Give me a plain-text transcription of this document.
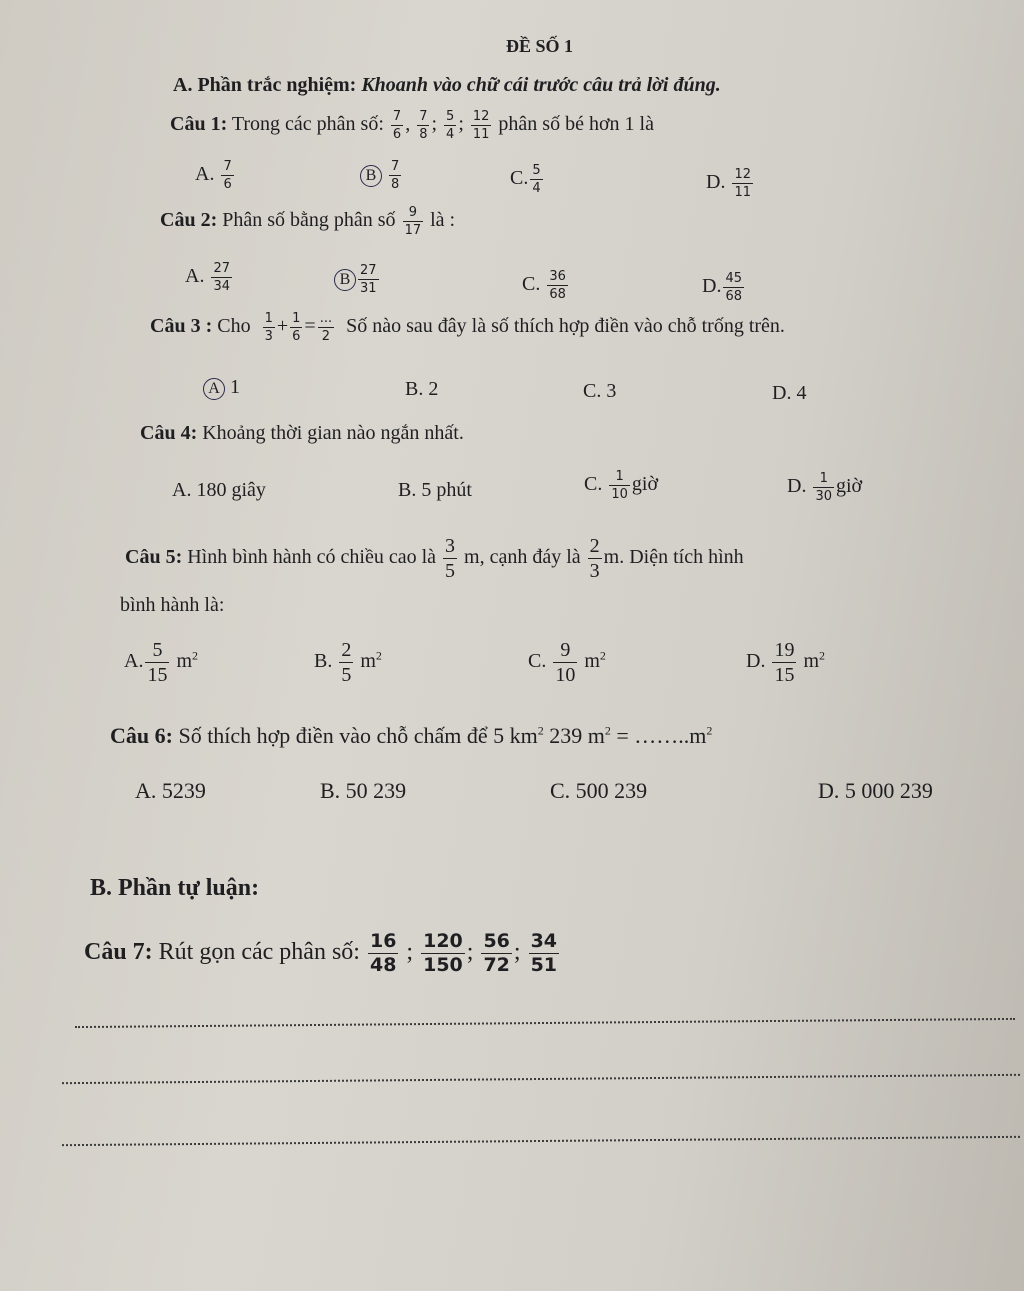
ĐỀ SỐ 1
A. Phần trắc nghiệm: Khoanh vào chữ cái trước câu trả lời đúng.
Câu 1: Trong các phân số: $\frac{7}{6}$ , $\frac{7}{8}$ ; $\frac{5}{4}$ ; $\frac{12}{11}$ phân số bé hơn 1 là
A. $\frac{7}{6}$	B $\frac{7}{8}$	C. $\frac{5}{4}$	D. $\frac{12}{11}$
Câu 2: Phân số bằng phân số $\frac{9}{17}$ là :
A. $\frac{27}{34}$	B $\frac{27}{31}$	C. $\frac{36}{68}$	D. $\frac{45}{68}$
Câu 3 : Cho $\frac{1}{3} + \frac{1}{6} = \frac{...}{2}$ Số nào sau đây là số thích hợp điền vào chỗ trống trên.
A 1	B. 2	C. 3	D. 4
Câu 4: Khoảng thời gian nào ngắn nhất.
A. 180 giây	B. 5 phút	C. $\frac{1}{10}$ giờ	D. $\frac{1}{30}$ giờ
Câu 5: Hình bình hành có chiều cao là $\frac{3}{5} m$, cạnh đáy là $\frac{2}{3} m$. Diện tích hình
bình hành là:
A. $\frac{5}{15} m^2$	B. $\frac{2}{5} m^2$	C. $\frac{9}{10} m^2$	D. $\frac{19}{15} m^2$
Câu 6: Số thích hợp điền vào chỗ chấm để 5 $km^2$ 239 $m^2$ = $\dots\dots..m^2$
A. 5239	B. 50 239	C. 500 239	D. 5 000 239
B. Phần tự luận:
Câu 7: Rút gọn các phân số: $\frac{16}{48}$ ; $\frac{120}{150}$ ; $\frac{56}{72}$ ; $\frac{34}{51}$
